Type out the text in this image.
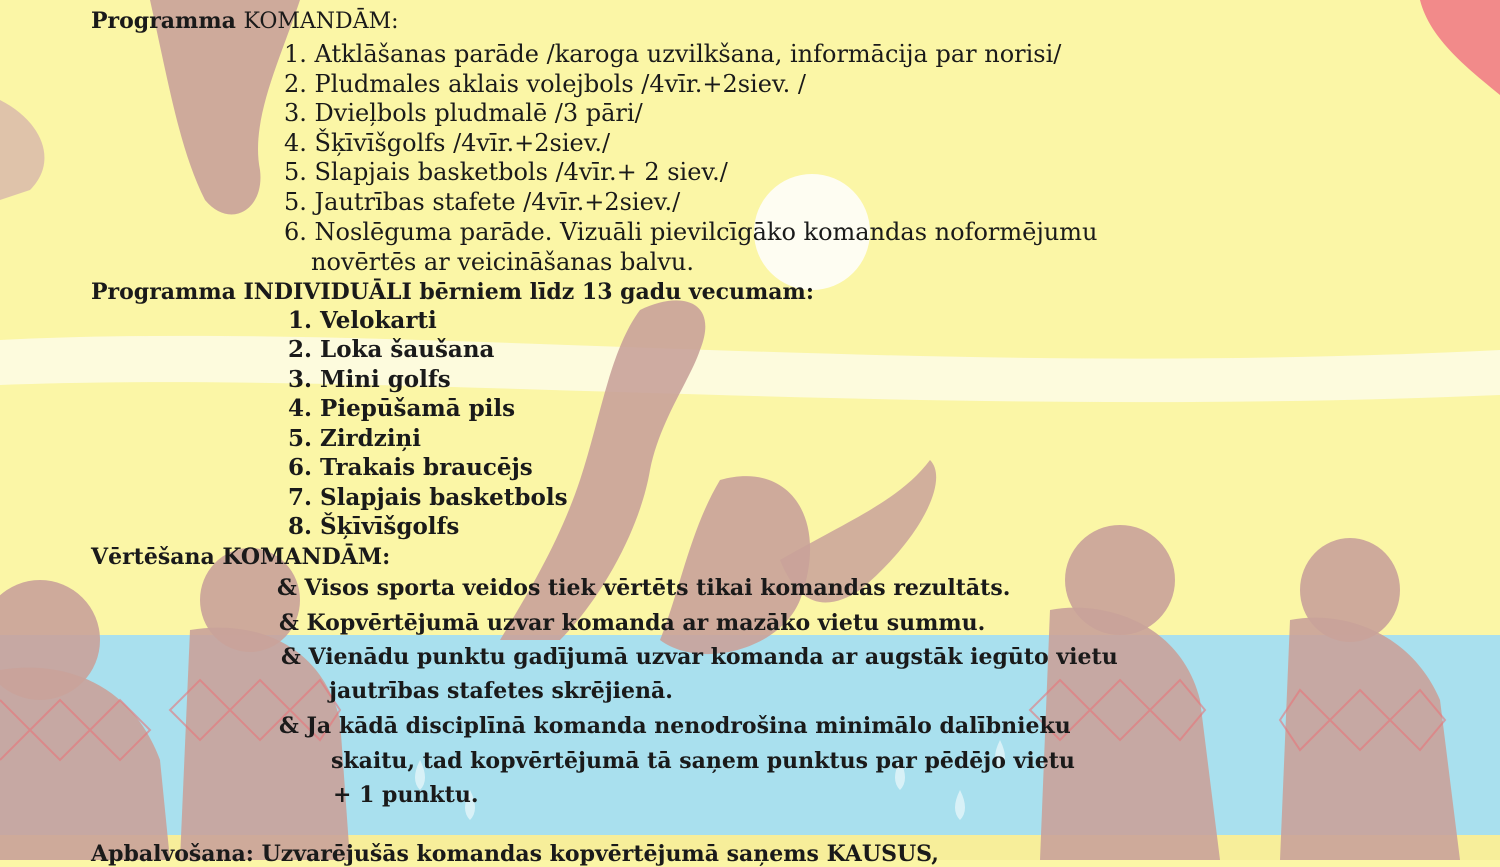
Programma KOMANDĀM:
1. Atklāšanas parāde /karoga uzvilkšana, informācija par norisi/
2. Pludmales aklais volejbols /4vīr.+2siev. /
3. Dvieļbols pludmalē /3 pāri/
4. Šķīvīšgolfs /4vīr.+2siev./
5. Slapjais basketbols /4vīr.+ 2 siev./
5. Jautrības stafete /4vīr.+2siev./
6. Noslēguma parāde. Vizuāli pievilcīgāko komandas noformējumu
novērtēs ar veicināšanas balvu.
Programma INDIVIDUĀLI bērniem līdz 13 gadu vecumam:
1. Velokarti
2. Loka šaušana
3. Mini golfs
4. Piepūšamā pils
5. Zirdziņi
6. Trakais braucējs
7. Slapjais basketbols
8. Šķīvīšgolfs
Vērtēšana KOMANDĀM:
& Visos sporta veidos tiek vērtēts tikai komandas rezultāts.
& Kopvērtējumā uzvar komanda ar mazāko vietu summu.
& Vienādu punktu gadījumā uzvar komanda ar augstāk iegūto vietu
jautrības stafetes skrējienā.
& Ja kādā disciplīnā komanda nenodrošina minimālo dalībnieku
skaitu, tad kopvērtējumā tā saņem punktus par pēdējo vietu
+ 1 punktu.
Apbalvošana: Uzvarējušās komandas kopvērtējumā saņems KAUSUS,
